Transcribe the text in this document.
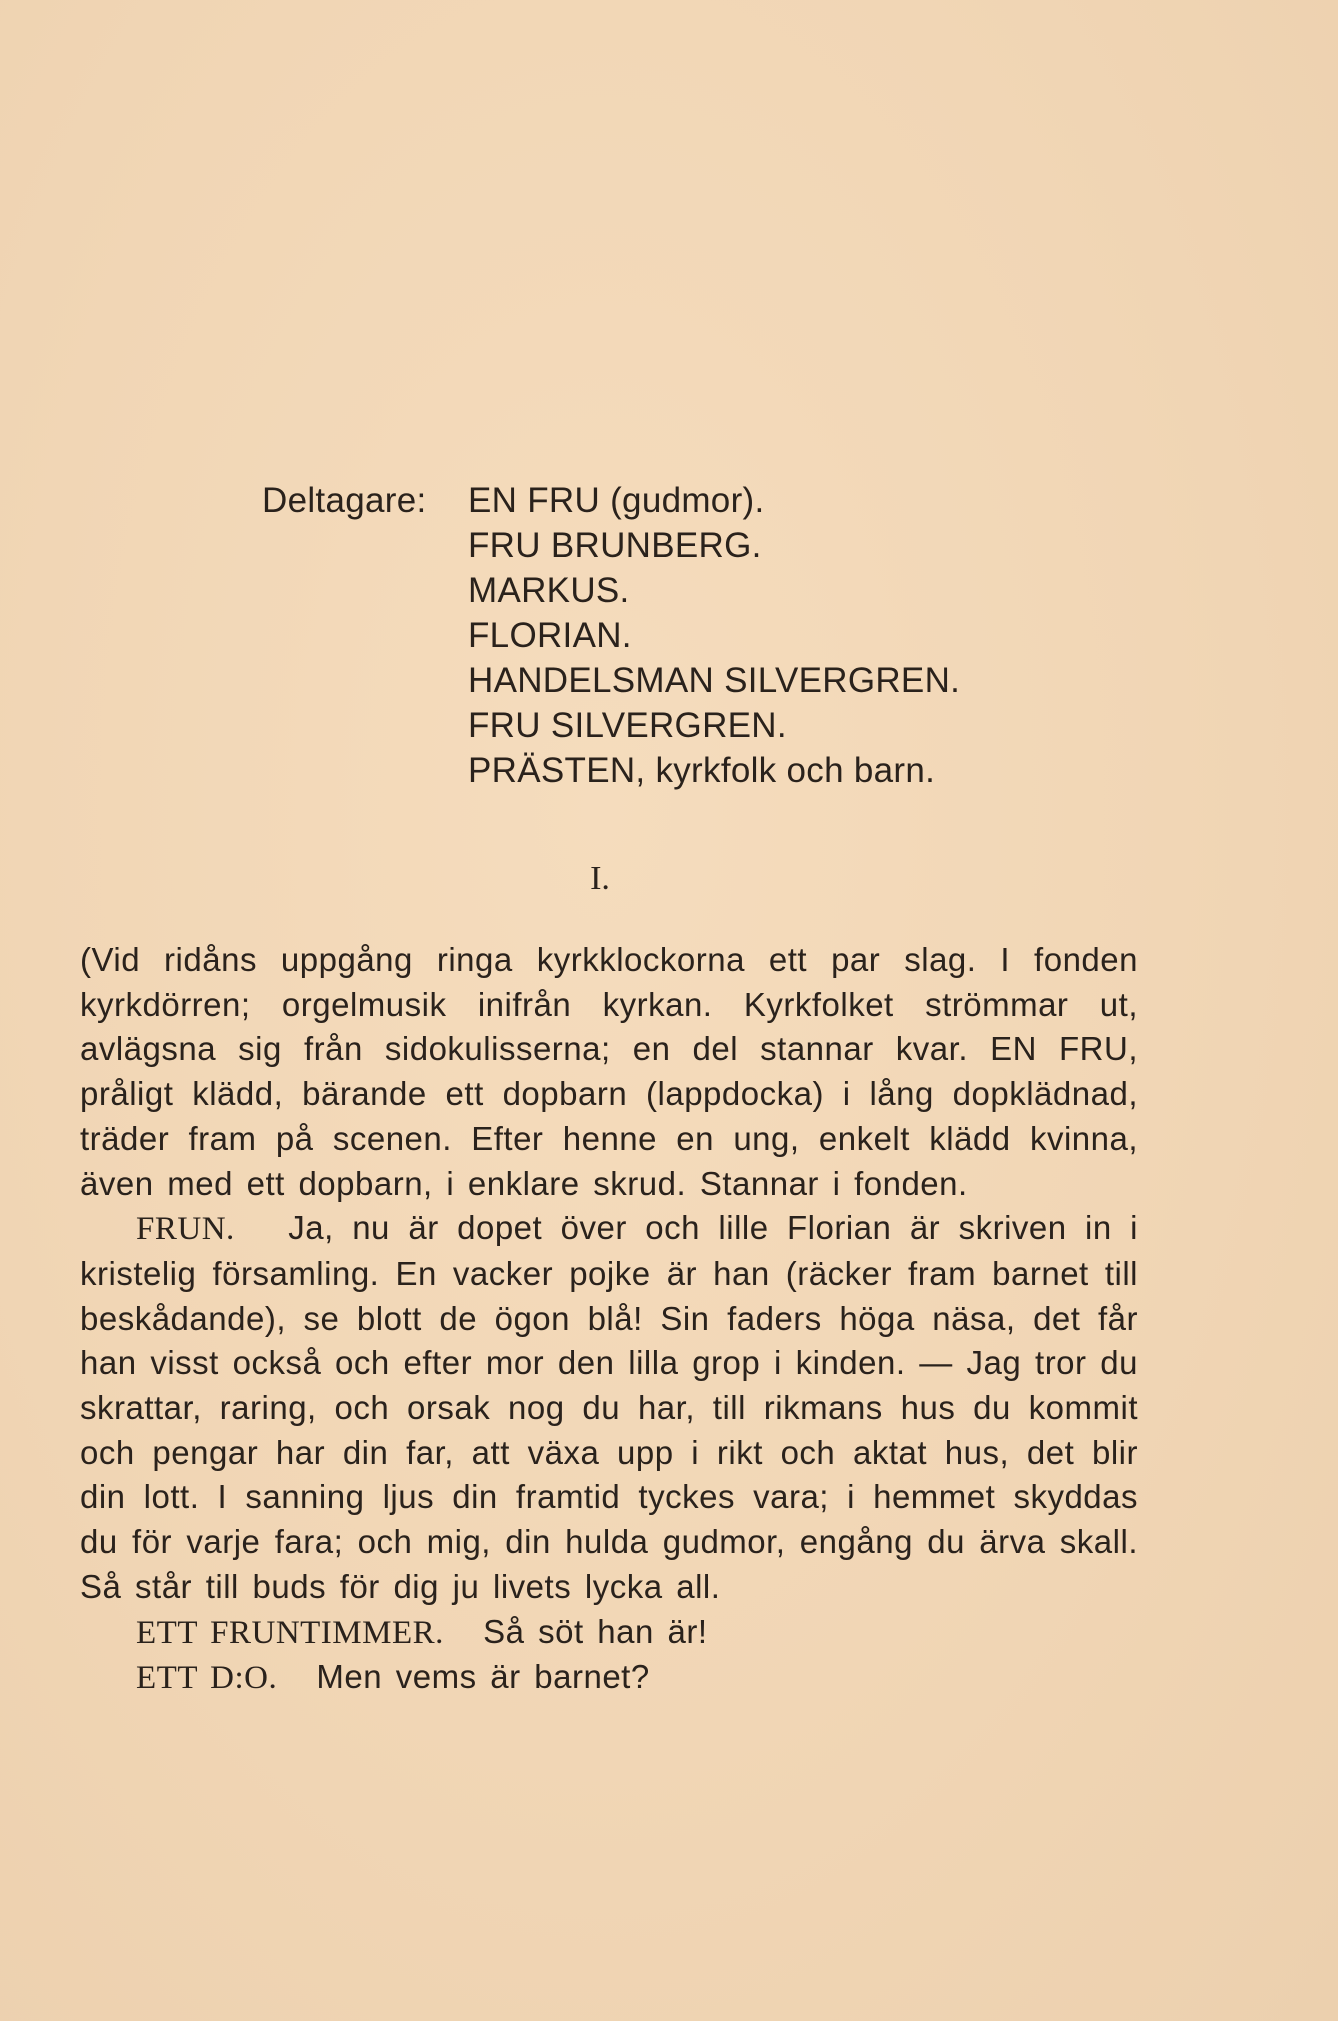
Deltagare:	EN FRU (gudmor).
FRU BRUNBERG.
MARKUS.
FLORIAN.
HANDELSMAN SILVERGREN.
FRU SILVERGREN.
PRÄSTEN, kyrkfolk och barn.
I.

(Vid ridåns uppgång ringa kyrkklockorna ett par slag. I fonden kyrkdörren; orgelmusik inifrån kyrkan. Kyrkfolket strömmar ut, avlägsna sig från sidokulisserna; en del stannar kvar. EN FRU, pråligt klädd, bärande ett dopbarn (lappdocka) i lång dopklädnad, träder fram på scenen. Efter henne en ung, enkelt klädd kvinna, även med ett dopbarn, i enklare skrud. Stannar i fonden.

FRUN.   Ja, nu är dopet över och lille Florian är skriven in i kristelig församling. En vacker pojke är han (räcker fram barnet till beskådande), se blott de ögon blå! Sin faders höga näsa, det får han visst också och efter mor den lilla grop i kinden. — Jag tror du skrattar, raring, och orsak nog du har, till rikmans hus du kommit och pengar har din far, att växa upp i rikt och aktat hus, det blir din lott. I sanning ljus din framtid tyckes vara; i hemmet skyddas du för varje fara; och mig, din hulda gudmor, engång du ärva skall. Så står till buds för dig ju livets lycka all.

ETT FRUNTIMMER.   Så söt han är!

ETT D:O.   Men vems är barnet?
